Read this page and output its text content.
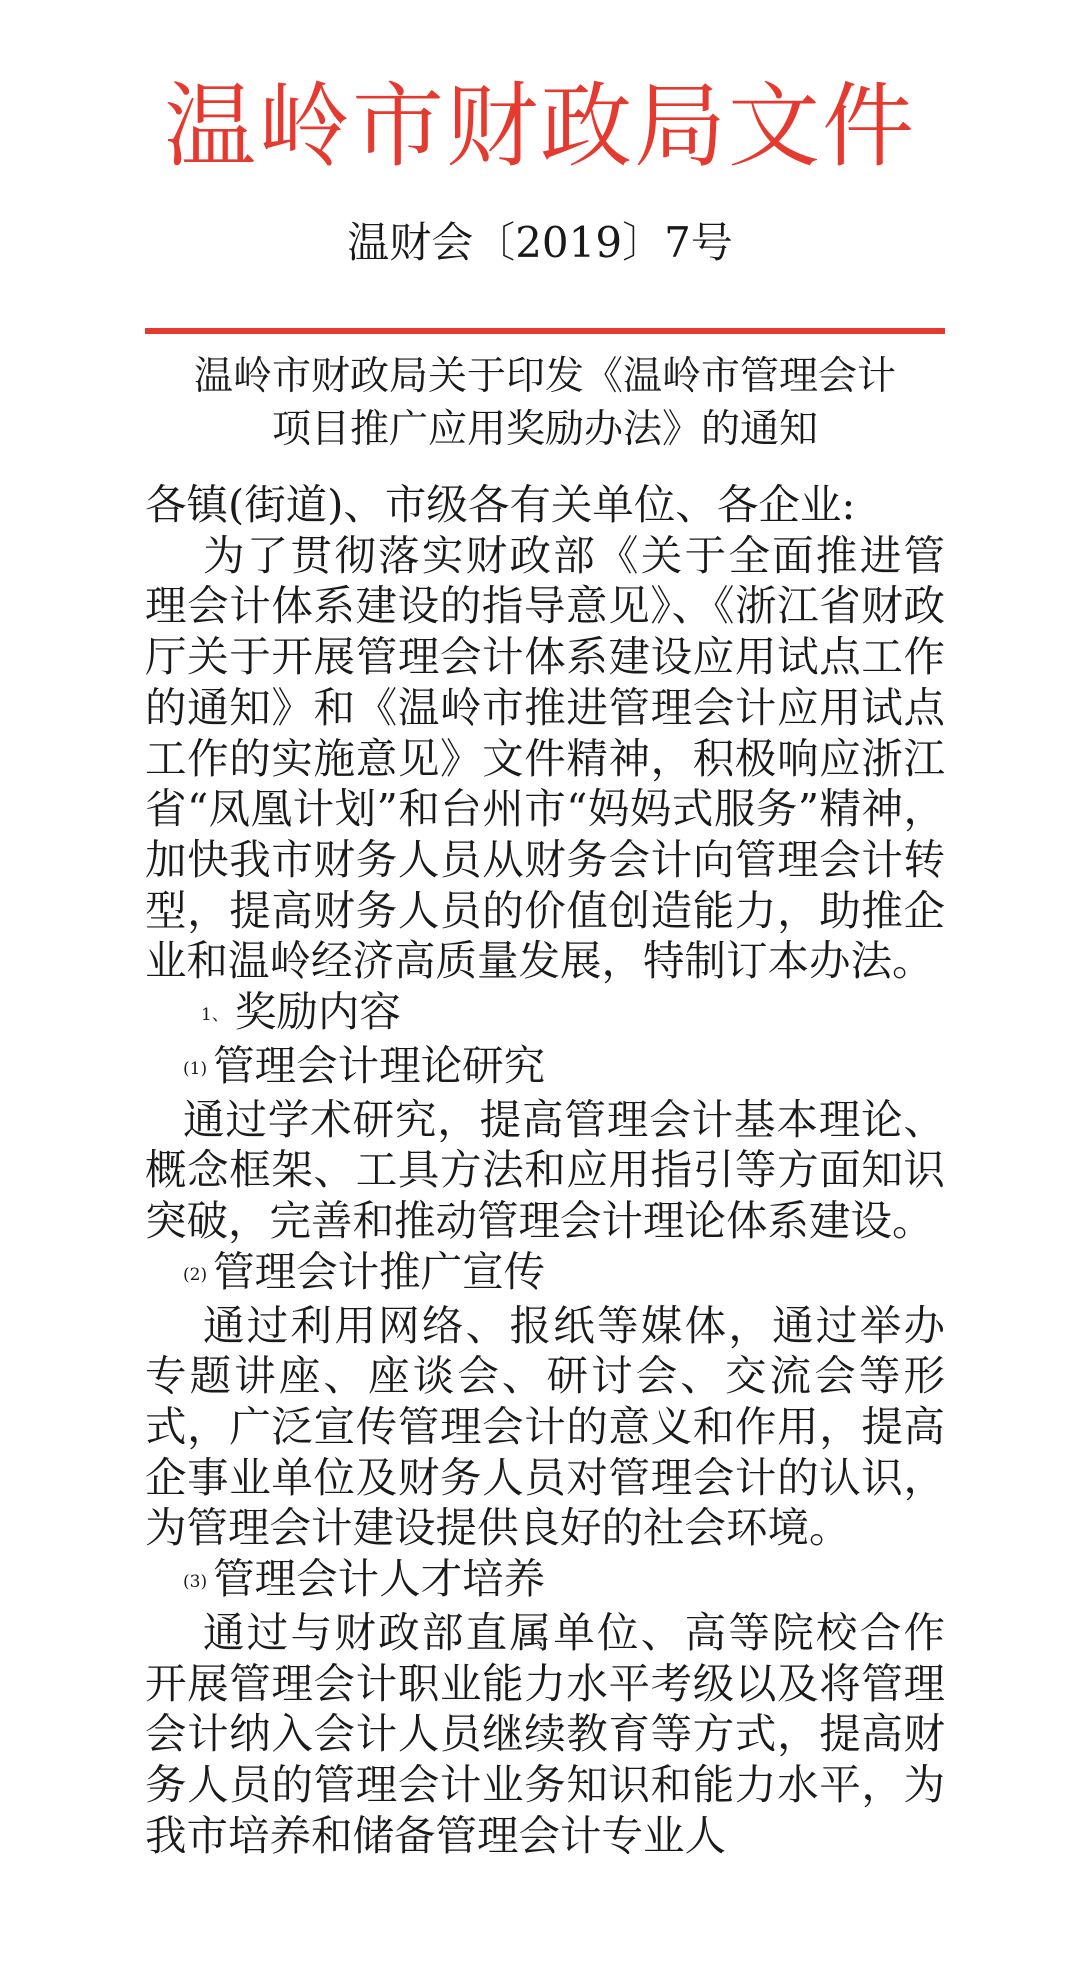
温岭市财政局文件
温财会〔2019〕7号
温岭市财政局关于印发《温岭市管理会计
项目推广应用奖励办法》的通知

各镇(街道)、市级各有关单位、各企业:

为了贯彻落实财政部《关于全面推进管理会计体系建设的指导意见》、《浙江省财政厅关于开展管理会计体系建设应用试点工作的通知》和《温岭市推进管理会计应用试点工作的实施意见》文件精神，积极响应浙江省“凤凰计划”和台州市“妈妈式服务”精神，加快我市财务人员从财务会计向管理会计转型，提高财务人员的价值创造能力，助推企业和温岭经济高质量发展，特制订本办法。

1、 奖励内容

(1) 管理会计理论研究

通过学术研究，提高管理会计基本理论、概念框架、工具方法和应用指引等方面知识突破，完善和推动管理会计理论体系建设。

(2) 管理会计推广宣传

通过利用网络、报纸等媒体，通过举办专题讲座、座谈会、研讨会、交流会等形式，广泛宣传管理会计的意义和作用，提高企事业单位及财务人员对管理会计的认识，为管理会计建设提供良好的社会环境。

(3) 管理会计人才培养

通过与财政部直属单位、高等院校合作开展管理会计职业能力水平考级以及将管理会计纳入会计人员继续教育等方式，提高财务人员的管理会计业务知识和能力水平，为我市培养和储备管理会计专业人
